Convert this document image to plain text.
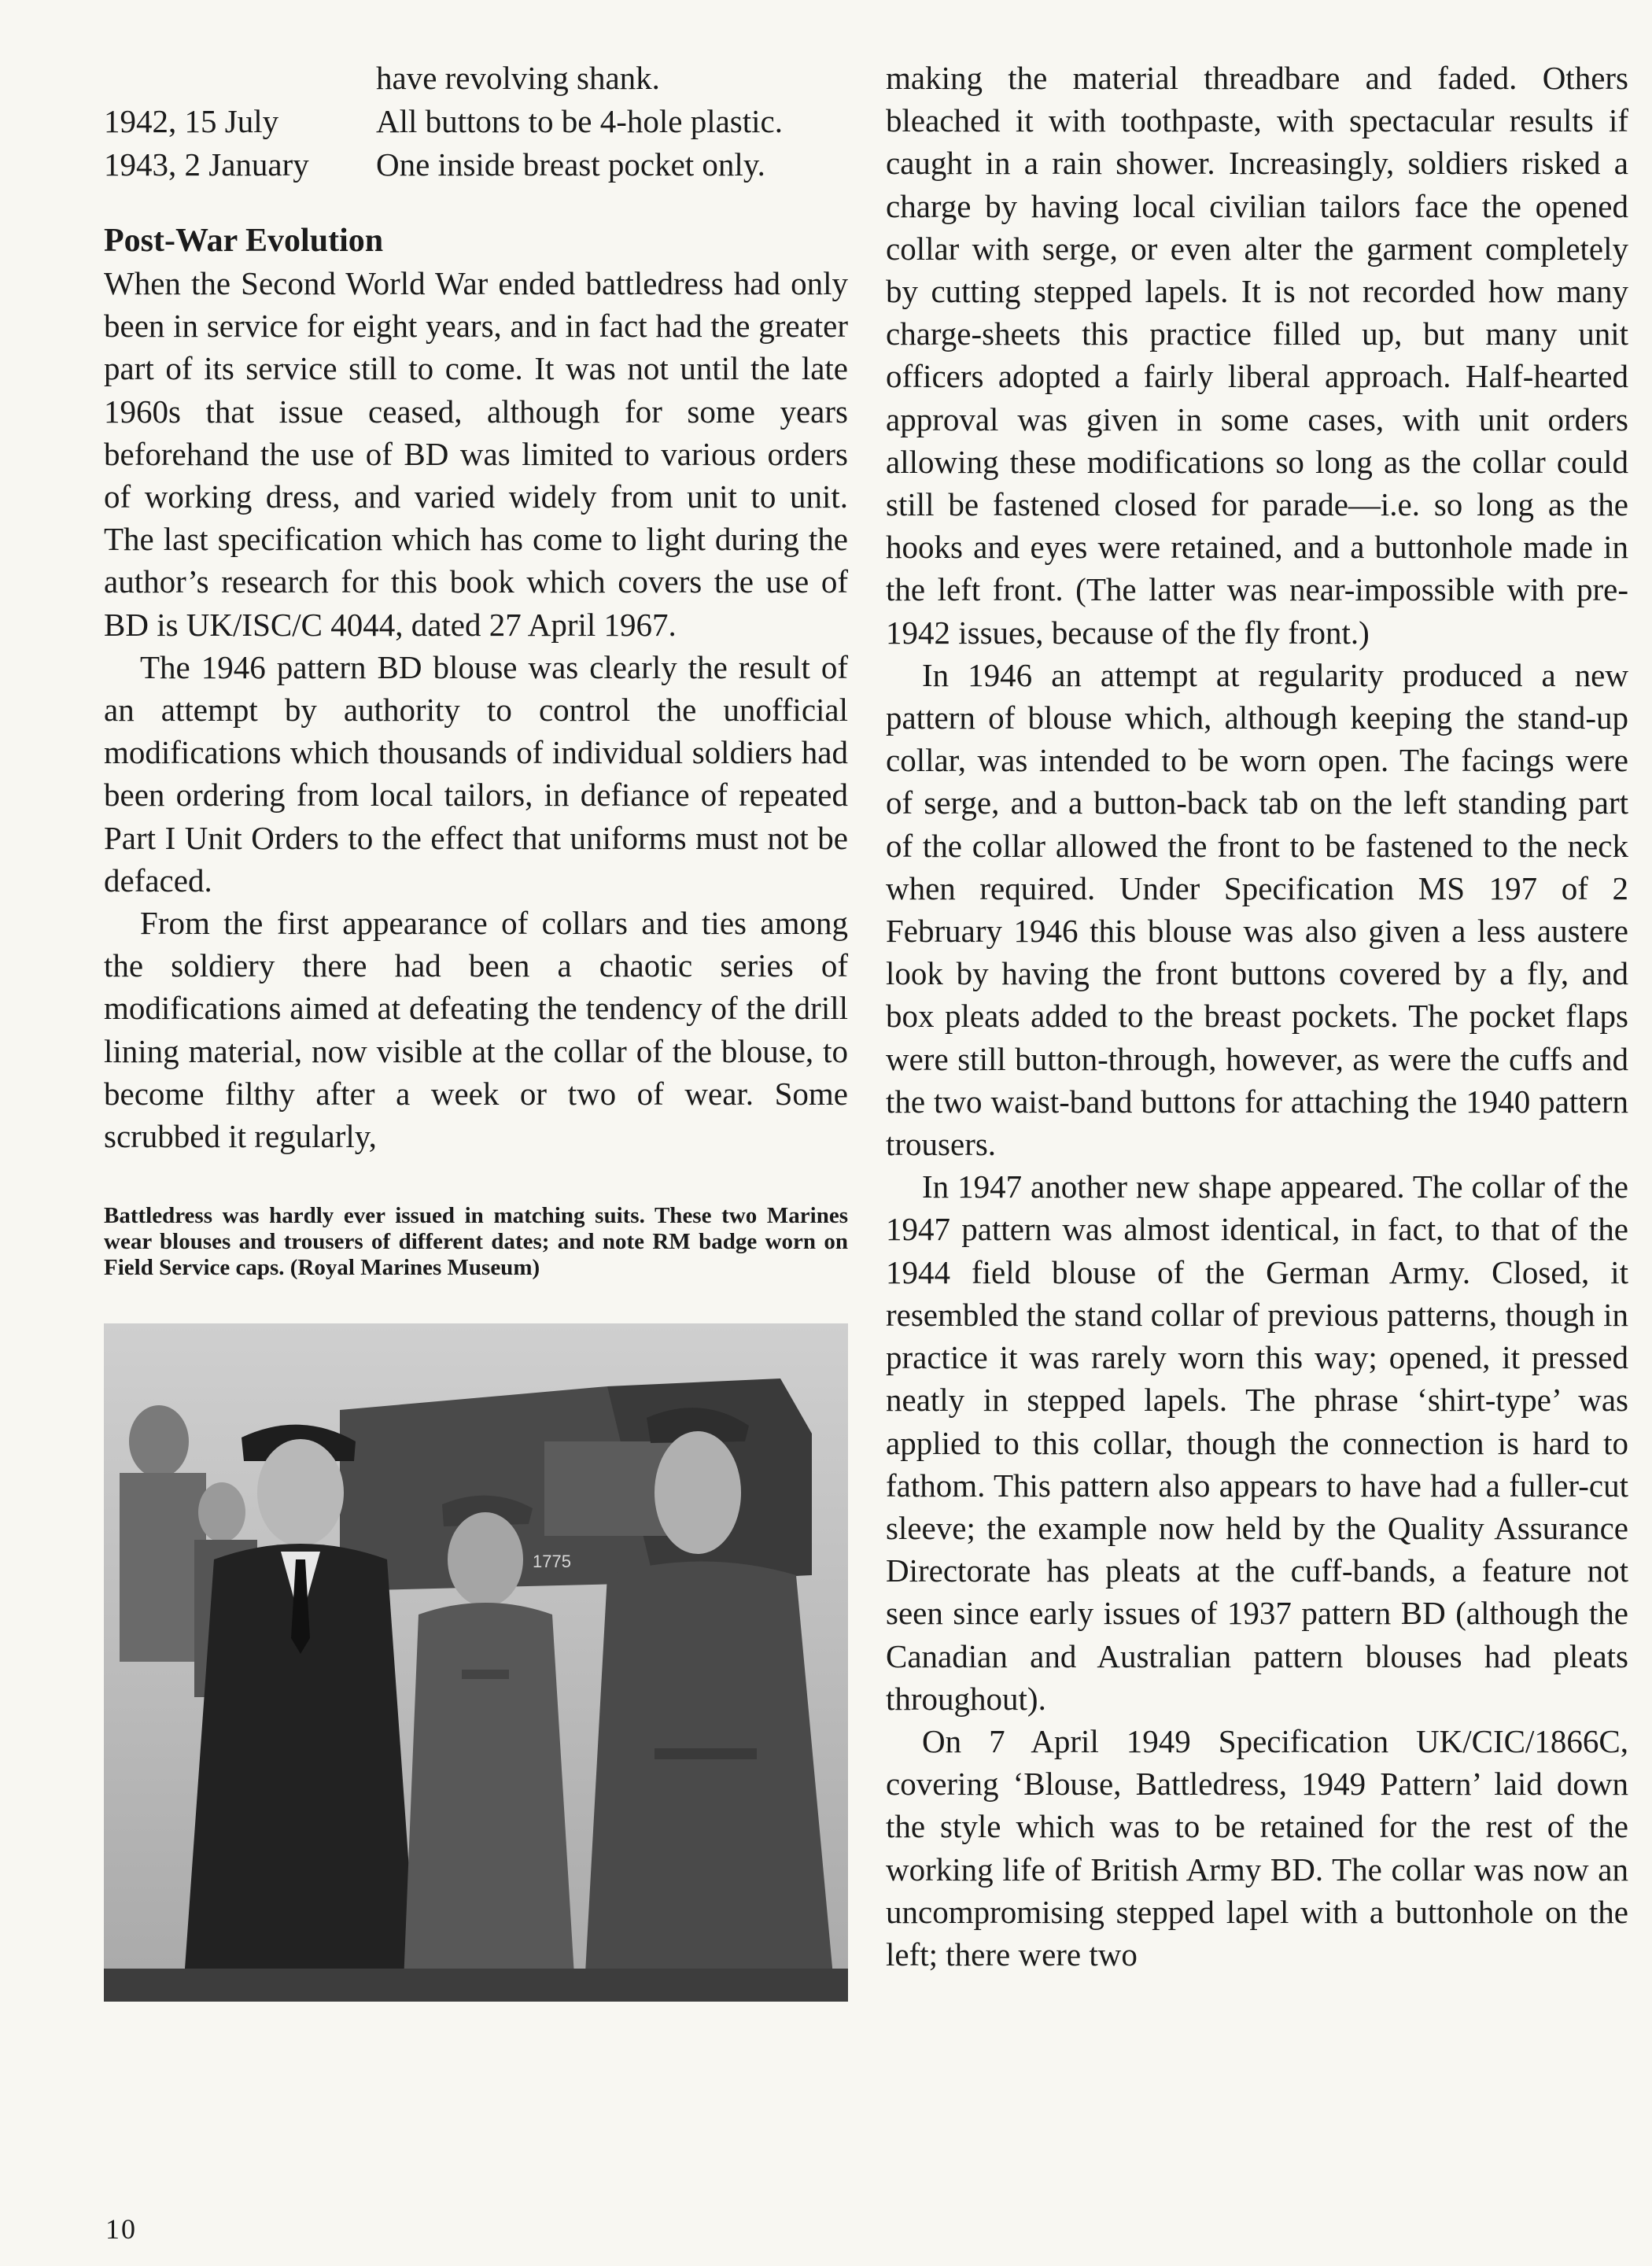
	have revolving shank.
1942, 15 July	All buttons to be 4-hole plastic.
1943, 2 January	One inside breast pocket only.
Post-War Evolution

When the Second World War ended battledress had only been in service for eight years, and in fact had the greater part of its service still to come. It was not until the late 1960s that issue ceased, although for some years beforehand the use of BD was limited to various orders of working dress, and varied widely from unit to unit. The last specification which has come to light during the author’s research for this book which covers the use of BD is UK/ISC/C 4044, dated 27 April 1967.

The 1946 pattern BD blouse was clearly the result of an attempt by authority to control the unofficial modifications which thousands of individual soldiers had been ordering from local tailors, in defiance of repeated Part I Unit Orders to the effect that uniforms must not be defaced.

From the first appearance of collars and ties among the soldiery there had been a chaotic series of modifications aimed at defeating the tendency of the drill lining material, now visible at the collar of the blouse, to become filthy after a week or two of wear. Some scrubbed it regularly,

Battledress was hardly ever issued in matching suits. These two Marines wear blouses and trousers of different dates; and note RM badge worn on Field Service caps. (Royal Marines Museum)
1775

making the material threadbare and faded. Others bleached it with toothpaste, with spectacular results if caught in a rain shower. Increasingly, soldiers risked a charge by having local civilian tailors face the opened collar with serge, or even alter the garment completely by cutting stepped lapels. It is not recorded how many charge-sheets this practice filled up, but many unit officers adopted a fairly liberal approach. Half-hearted approval was given in some cases, with unit orders allowing these modifications so long as the collar could still be fastened closed for parade—i.e. so long as the hooks and eyes were retained, and a buttonhole made in the left front. (The latter was near-impossible with pre-1942 issues, because of the fly front.)

In 1946 an attempt at regularity produced a new pattern of blouse which, although keeping the stand-up collar, was intended to be worn open. The facings were of serge, and a button-back tab on the left standing part of the collar allowed the front to be fastened to the neck when required. Under Specification MS 197 of 2 February 1946 this blouse was also given a less austere look by having the front buttons covered by a fly, and box pleats added to the breast pockets. The pocket flaps were still button-through, however, as were the cuffs and the two waist-band buttons for attaching the 1940 pattern trousers.

In 1947 another new shape appeared. The collar of the 1947 pattern was almost identical, in fact, to that of the 1944 field blouse of the German Army. Closed, it resembled the stand collar of previous patterns, though in practice it was rarely worn this way; opened, it pressed neatly in stepped lapels. The phrase ‘shirt-type’ was applied to this collar, though the connection is hard to fathom. This pattern also appears to have had a fuller-cut sleeve; the example now held by the Quality Assurance Directorate has pleats at the cuff-bands, a feature not seen since early issues of 1937 pattern BD (although the Canadian and Australian pattern blouses had pleats throughout).

On 7 April 1949 Specification UK/CIC/1866C, covering ‘Blouse, Battledress, 1949 Pattern’ laid down the style which was to be retained for the rest of the working life of British Army BD. The collar was now an uncompromising stepped lapel with a buttonhole on the left; there were two

10
